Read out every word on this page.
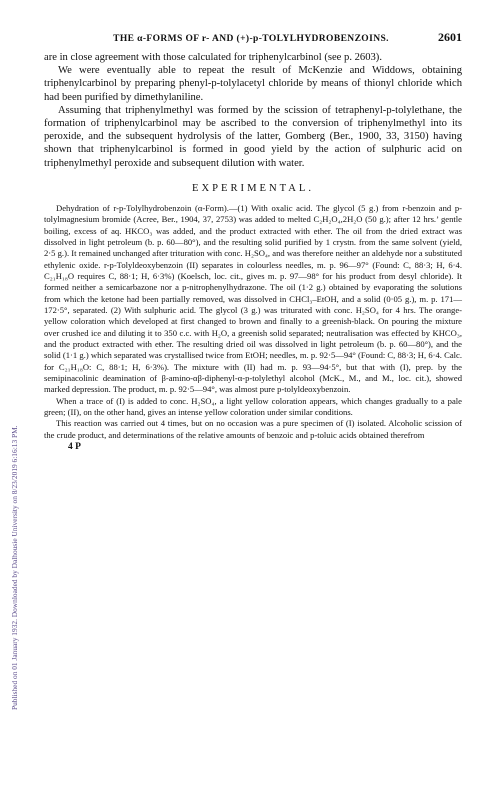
Published on 01 January 1932. Downloaded by Dalhousie University on 8/23/2019 6:16:13 PM.
THE α-FORMS OF r- AND (+)-p-TOLYLHYDROBENZOINS.	2601

are in close agreement with those calculated for triphenylcarbinol (see p. 2603).

We were eventually able to repeat the result of McKenzie and Widdows, obtaining triphenylcarbinol by preparing phenyl-p-tolylacetyl chloride by means of thionyl chloride which had been purified by dimethylaniline.

Assuming that triphenylmethyl was formed by the scission of tetraphenyl-p-tolylethane, the formation of triphenylcarbinol may be ascribed to the conversion of triphenylmethyl into its peroxide, and the subsequent hydrolysis of the latter, Gomberg (Ber., 1900, 33, 3150) having shown that triphenylcarbinol is formed in good yield by the action of sulphuric acid on triphenylmethyl peroxide and subsequent dilution with water.

EXPERIMENTAL.

Dehydration of r-p-Tolylhydrobenzoin (α-Form).—(1) With oxalic acid. The glycol (5 g.) from r-benzoin and p-tolylmagnesium bromide (Acree, Ber., 1904, 37, 2753) was added to melted C₂H₂O₄,2H₂O (50 g.); after 12 hrs.’ gentle boiling, excess of aq. HKCO₃ was added, and the product extracted with ether. The oil from the dried extract was dissolved in light petroleum (b. p. 60—80°), and the resulting solid purified by 1 crystn. from the same solvent (yield, 2·5 g.). It remained unchanged after trituration with conc. H₂SO₄, and was therefore neither an aldehyde nor a substituted ethylenic oxide. r-p-Tolyldeoxybenzoin (II) separates in colourless needles, m. p. 96—97° (Found: C, 88·3; H, 6·4. C₂₁H₁₈O requires C, 88·1; H, 6·3%) (Koelsch, loc. cit., gives m. p. 97—98° for his product from desyl chloride). It formed neither a semicarbazone nor a p-nitrophenylhydrazone. The oil (1·2 g.) obtained by evaporating the solutions from which the ketone had been partially removed, was dissolved in CHCl₃–EtOH, and a solid (0·05 g.), m. p. 171—172·5°, separated. (2) With sulphuric acid. The glycol (3 g.) was triturated with conc. H₂SO₄ for 4 hrs. The orange-yellow coloration which developed at first changed to brown and finally to a greenish-black. On pouring the mixture over crushed ice and diluting it to 350 c.c. with H₂O, a greenish solid separated; neutralisation was effected by KHCO₃, and the product extracted with ether. The resulting dried oil was dissolved in light petroleum (b. p. 60—80°), and the solid (1·1 g.) which separated was crystallised twice from EtOH; needles, m. p. 92·5—94° (Found: C, 88·3; H, 6·4. Calc. for C₂₁H₁₈O: C, 88·1; H, 6·3%). The mixture with (II) had m. p. 93—94·5°, but that with (I), prep. by the semipinacolinic deamination of β-amino-αβ-diphenyl-α-p-tolylethyl alcohol (McK., M., and M., loc. cit.), showed marked depression. The product, m. p. 92·5—94°, was almost pure p-tolyldeoxybenzoin.

When a trace of (I) is added to conc. H₂SO₄, a light yellow coloration appears, which changes gradually to a pale green; (II), on the other hand, gives an intense yellow coloration under similar conditions.

This reaction was carried out 4 times, but on no occasion was a pure specimen of (I) isolated. Alcoholic scission of the crude product, and determinations of the relative amounts of benzoic and p-toluic acids obtained therefrom

4 P
